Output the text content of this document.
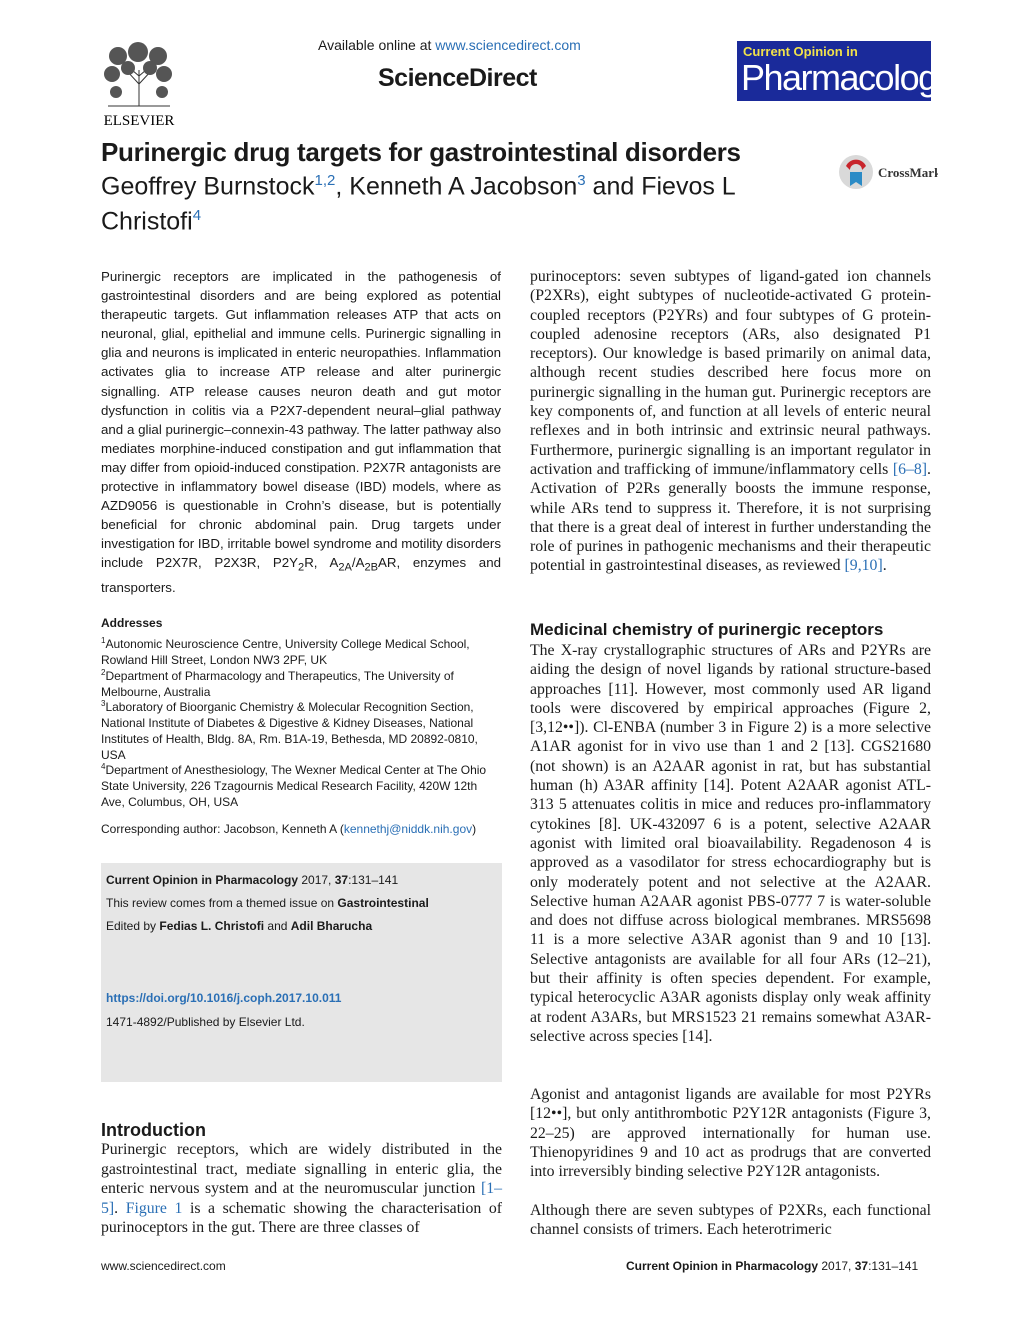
ELSEVIER
Available online at www.sciencedirect.com
ScienceDirect
Current Opinion in
Pharmacology
Purinergic drug targets for gastrointestinal disorders
Geoffrey Burnstock$^{1,2}$, Kenneth A Jacobson$^3$ and Fievos L Christofi$^4$
CrossMark
Purinergic receptors are implicated in the pathogenesis of gastrointestinal disorders and are being explored as potential therapeutic targets. Gut inflammation releases ATP that acts on neuronal, glial, epithelial and immune cells. Purinergic signalling in glia and neurons is implicated in enteric neuropathies. Inflammation activates glia to increase ATP release and alter purinergic signalling. ATP release causes neuron death and gut motor dysfunction in colitis via a P2X7-dependent neural–glial pathway and a glial purinergic–connexin-43 pathway. The latter pathway also mediates morphine-induced constipation and gut inflammation that may differ from opioid-induced constipation. P2X7R antagonists are protective in inflammatory bowel disease (IBD) models, where as AZD9056 is questionable in Crohn’s disease, but is potentially beneficial for chronic abdominal pain. Drug targets under investigation for IBD, irritable bowel syndrome and motility disorders include P2X7R, P2X3R, $P2Y_2R$, $A_{2A}/A_{2B}AR$, enzymes and transporters.
Addresses
$^1$Autonomic Neuroscience Centre, University College Medical School, Rowland Hill Street, London NW3 2PF, UK
$^2$Department of Pharmacology and Therapeutics, The University of Melbourne, Australia
$^3$Laboratory of Bioorganic Chemistry & Molecular Recognition Section, National Institute of Diabetes & Digestive & Kidney Diseases, National Institutes of Health, Bldg. 8A, Rm. B1A-19, Bethesda, MD 20892-0810, USA
$^4$Department of Anesthesiology, The Wexner Medical Center at The Ohio State University, 226 Tzagournis Medical Research Facility, 420W 12th Ave, Columbus, OH, USA
Corresponding author: Jacobson, Kenneth A (kennethj@niddk.nih.gov)
Current Opinion in Pharmacology 2017, 37:131–141
This review comes from a themed issue on Gastrointestinal
Edited by Fedias L. Christofi and Adil Bharucha
https://doi.org/10.1016/j.coph.2017.10.011
1471-4892/Published by Elsevier Ltd.
Introduction
Purinergic receptors, which are widely distributed in the gastrointestinal tract, mediate signalling in enteric glia, the enteric nervous system and at the neuromuscular junction [1–5]. Figure 1 is a schematic showing the characterisation of purinoceptors in the gut. There are three classes of
purinoceptors: seven subtypes of ligand-gated ion channels (P2XRs), eight subtypes of nucleotide-activated G protein-coupled receptors (P2YRs) and four subtypes of G protein-coupled adenosine receptors (ARs, also designated P1 receptors). Our knowledge is based primarily on animal data, although recent studies described here focus more on purinergic signalling in the human gut. Purinergic receptors are key components of, and function at all levels of enteric neural reflexes and in both intrinsic and extrinsic neural pathways. Furthermore, purinergic signalling is an important regulator in activation and trafficking of immune/inflammatory cells [6–8]. Activation of P2Rs generally boosts the immune response, while ARs tend to suppress it. Therefore, it is not surprising that there is a great deal of interest in further understanding the role of purines in pathogenic mechanisms and their therapeutic potential in gastrointestinal diseases, as reviewed [9,10].
Medicinal chemistry of purinergic receptors
The X-ray crystallographic structures of ARs and P2YRs are aiding the design of novel ligands by rational structure-based approaches [11]. However, most commonly used AR ligand tools were discovered by empirical approaches (Figure 2, [3,12••]). Cl-ENBA (number 3 in Figure 2) is a more selective A1AR agonist for in vivo use than 1 and 2 [13]. CGS21680 (not shown) is an A2AAR agonist in rat, but has substantial human (h) A3AR affinity [14]. Potent A2AAR agonist ATL-313 5 attenuates colitis in mice and reduces pro-inflammatory cytokines [8]. UK-432097 6 is a potent, selective A2AAR agonist with limited oral bioavailability. Regadenoson 4 is approved as a vasodilator for stress echocardiography but is only moderately potent and not selective at the A2AAR. Selective human A2AAR agonist PBS-0777 7 is water-soluble and does not diffuse across biological membranes. MRS5698 11 is a more selective A3AR agonist than 9 and 10 [13]. Selective antagonists are available for all four ARs (12–21), but their affinity is often species dependent. For example, typical heterocyclic A3AR agonists display only weak affinity at rodent A3ARs, but MRS1523 21 remains somewhat A3AR-selective across species [14].
Agonist and antagonist ligands are available for most P2YRs [12••], but only antithrombotic P2Y12R antagonists (Figure 3, 22–25) are approved internationally for human use. Thienopyridines 9 and 10 act as prodrugs that are converted into irreversibly binding selective P2Y12R antagonists.
Although there are seven subtypes of P2XRs, each functional channel consists of trimers. Each heterotrimeric
www.sciencedirect.com	Current Opinion in Pharmacology 2017, 37:131–141
